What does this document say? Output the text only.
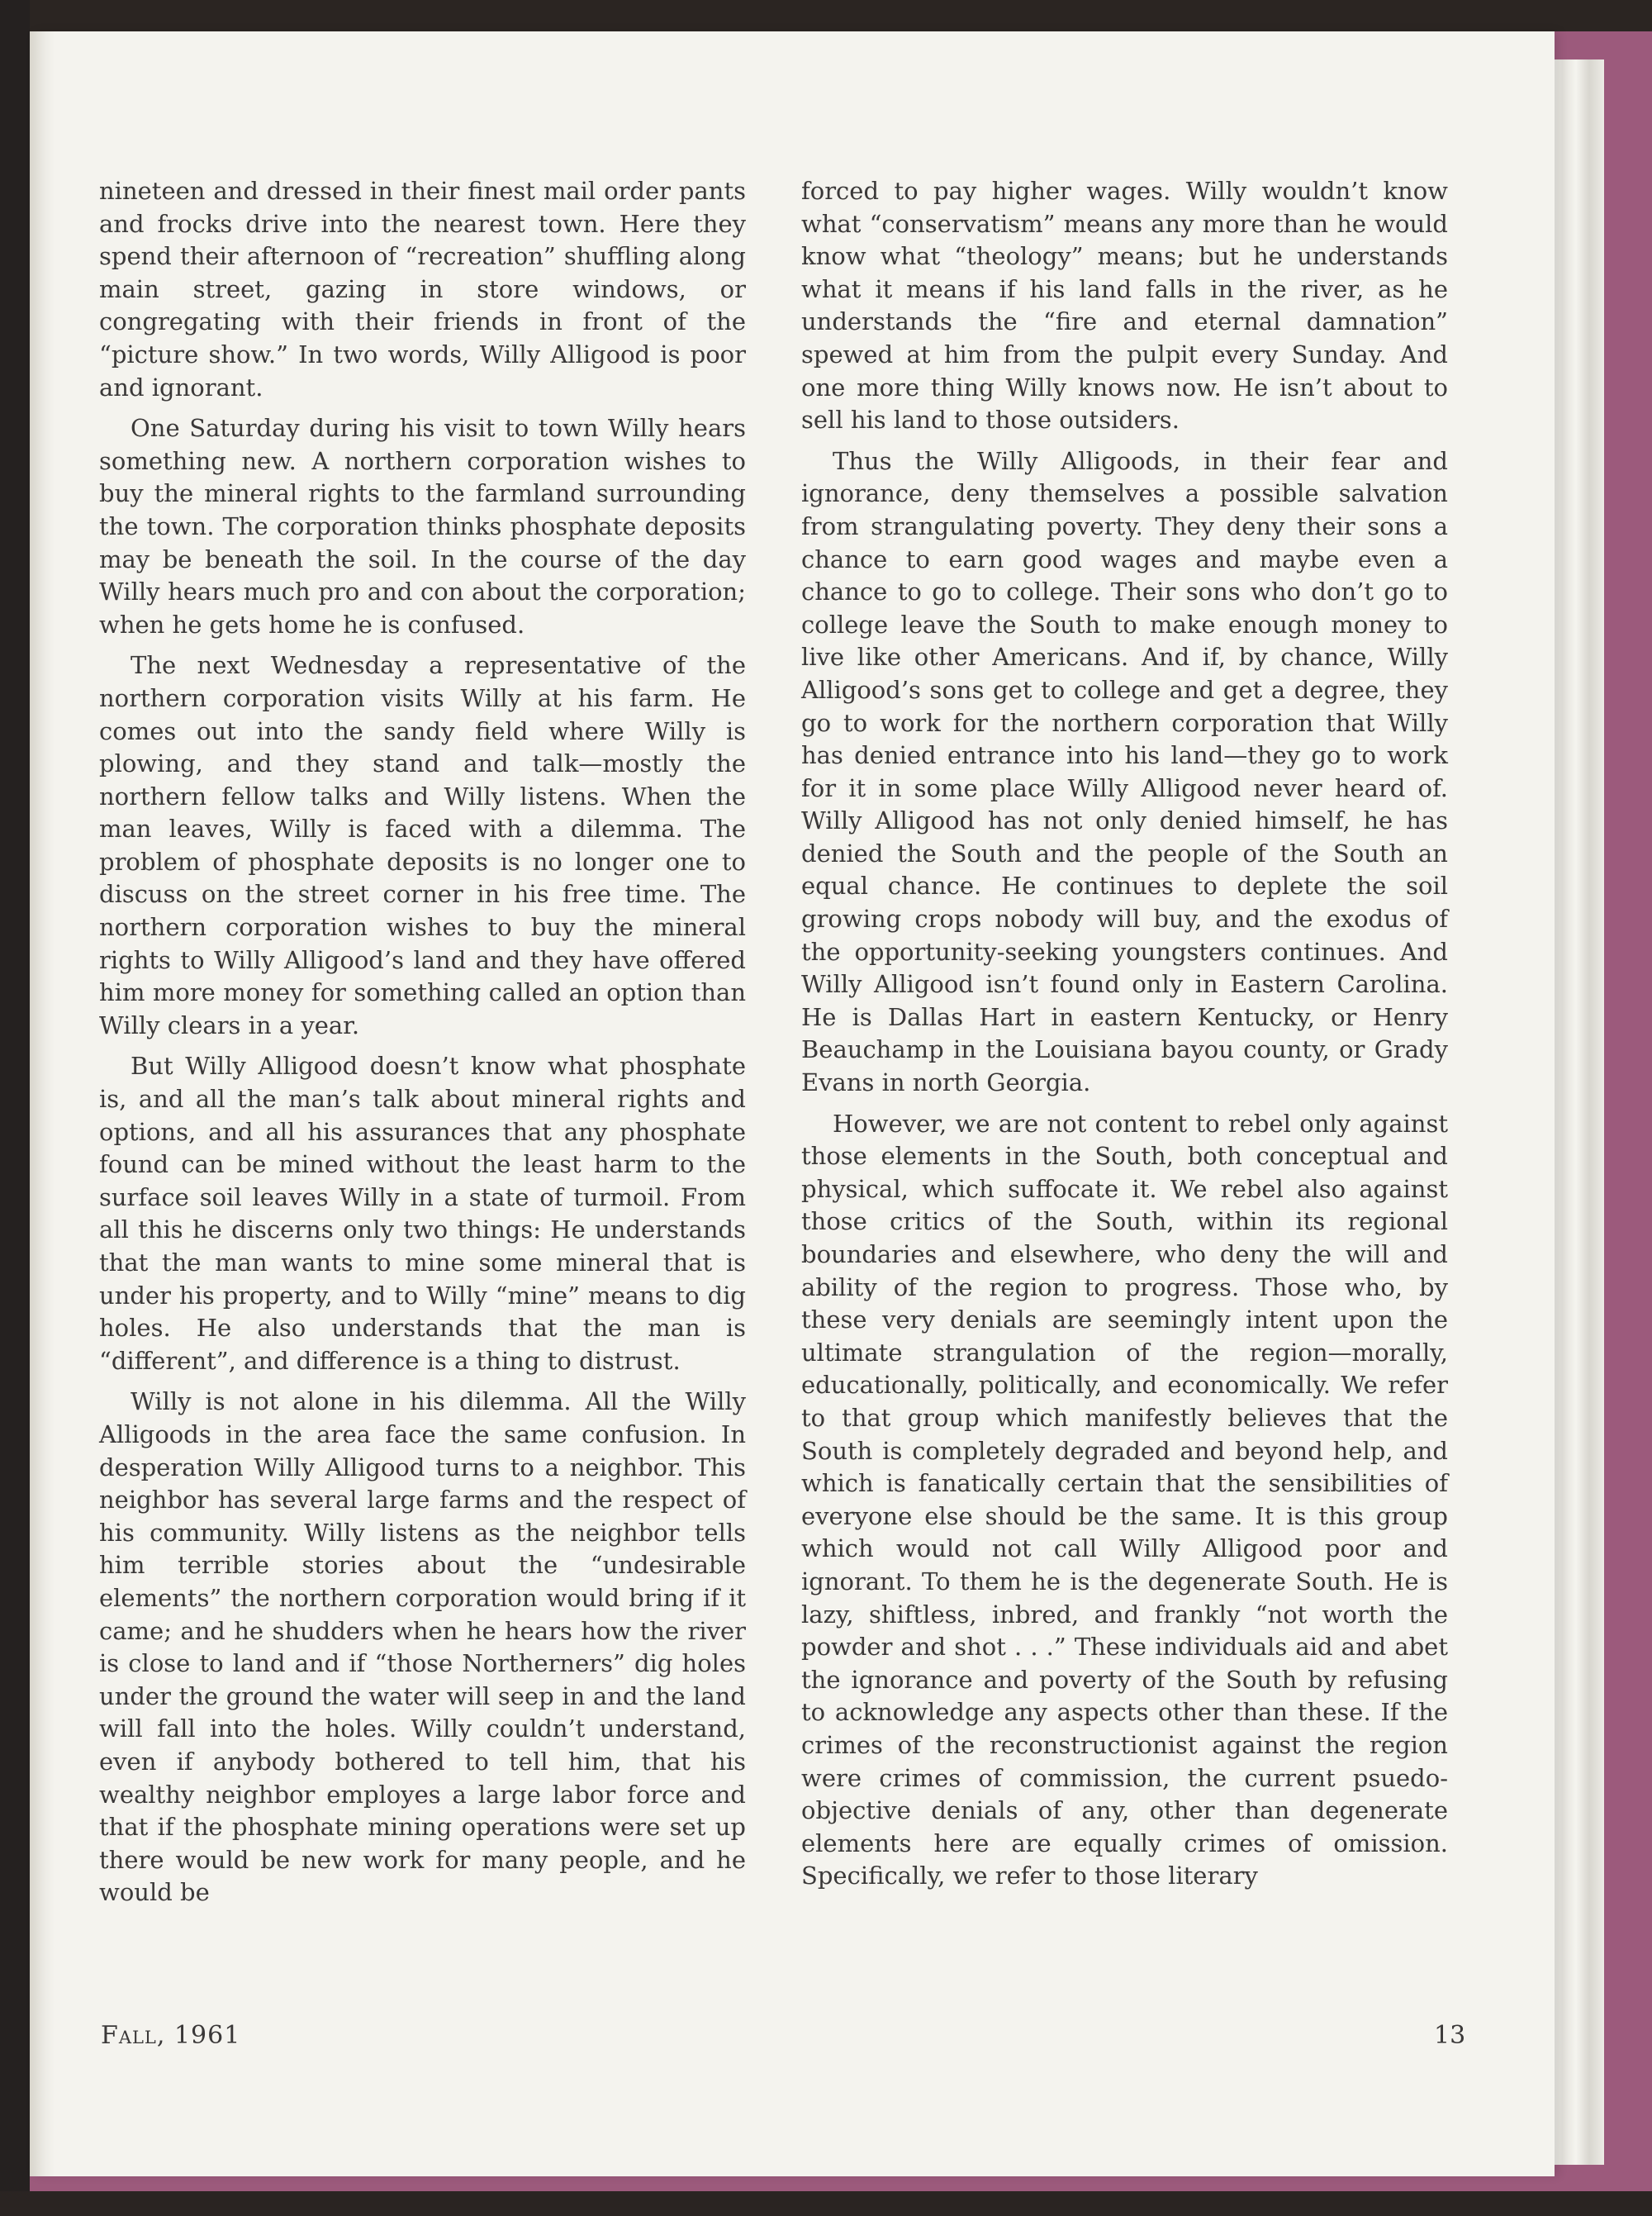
nineteen and dressed in their finest mail order pants and frocks drive into the nearest town. Here they spend their afternoon of “recreation” shuffling along main street, gazing in store windows, or congregating with their friends in front of the “picture show.” In two words, Willy Alligood is poor and ignorant.

One Saturday during his visit to town Willy hears something new. A northern corporation wishes to buy the mineral rights to the farmland surrounding the town. The corporation thinks phosphate deposits may be beneath the soil. In the course of the day Willy hears much pro and con about the corporation; when he gets home he is confused.

The next Wednesday a representative of the northern corporation visits Willy at his farm. He comes out into the sandy field where Willy is plowing, and they stand and talk—mostly the northern fellow talks and Willy listens. When the man leaves, Willy is faced with a dilemma. The problem of phosphate deposits is no longer one to discuss on the street corner in his free time. The northern corporation wishes to buy the mineral rights to Willy Alligood’s land and they have offered him more money for something called an option than Willy clears in a year.

But Willy Alligood doesn’t know what phosphate is, and all the man’s talk about mineral rights and options, and all his assurances that any phosphate found can be mined without the least harm to the surface soil leaves Willy in a state of turmoil. From all this he discerns only two things: He understands that the man wants to mine some mineral that is under his property, and to Willy “mine” means to dig holes. He also understands that the man is “different”, and difference is a thing to distrust.

Willy is not alone in his dilemma. All the Willy Alligoods in the area face the same confusion. In desperation Willy Alligood turns to a neighbor. This neighbor has several large farms and the respect of his community. Willy listens as the neighbor tells him terrible stories about the “undesirable elements” the northern corporation would bring if it came; and he shudders when he hears how the river is close to land and if “those Northerners” dig holes under the ground the water will seep in and the land will fall into the holes. Willy couldn’t understand, even if anybody bothered to tell him, that his wealthy neighbor employes a large labor force and that if the phosphate mining operations were set up there would be new work for many people, and he would be

forced to pay higher wages. Willy wouldn’t know what “conservatism” means any more than he would know what “theology” means; but he understands what it means if his land falls in the river, as he understands the “fire and eternal damnation” spewed at him from the pulpit every Sunday. And one more thing Willy knows now. He isn’t about to sell his land to those outsiders.

Thus the Willy Alligoods, in their fear and ignorance, deny themselves a possible salvation from strangulating poverty. They deny their sons a chance to earn good wages and maybe even a chance to go to college. Their sons who don’t go to college leave the South to make enough money to live like other Americans. And if, by chance, Willy Alligood’s sons get to college and get a degree, they go to work for the northern corporation that Willy has denied entrance into his land—they go to work for it in some place Willy Alligood never heard of. Willy Alligood has not only denied himself, he has denied the South and the people of the South an equal chance. He continues to deplete the soil growing crops nobody will buy, and the exodus of the opportunity-seeking youngsters continues. And Willy Alligood isn’t found only in Eastern Carolina. He is Dallas Hart in eastern Kentucky, or Henry Beauchamp in the Louisiana bayou county, or Grady Evans in north Georgia.

However, we are not content to rebel only against those elements in the South, both conceptual and physical, which suffocate it. We rebel also against those critics of the South, within its regional boundaries and elsewhere, who deny the will and ability of the region to progress. Those who, by these very denials are seemingly intent upon the ultimate strangulation of the region—morally, educationally, politically, and economically. We refer to that group which manifestly believes that the South is completely degraded and beyond help, and which is fanatically certain that the sensibilities of everyone else should be the same. It is this group which would not call Willy Alligood poor and ignorant. To them he is the degenerate South. He is lazy, shiftless, inbred, and frankly “not worth the powder and shot . . .” These individuals aid and abet the ignorance and poverty of the South by refusing to acknowledge any aspects other than these. If the crimes of the reconstructionist against the region were crimes of commission, the current psuedo-objective denials of any, other than degenerate elements here are equally crimes of omission. Specifically, we refer to those literary

Fall, 1961	13
